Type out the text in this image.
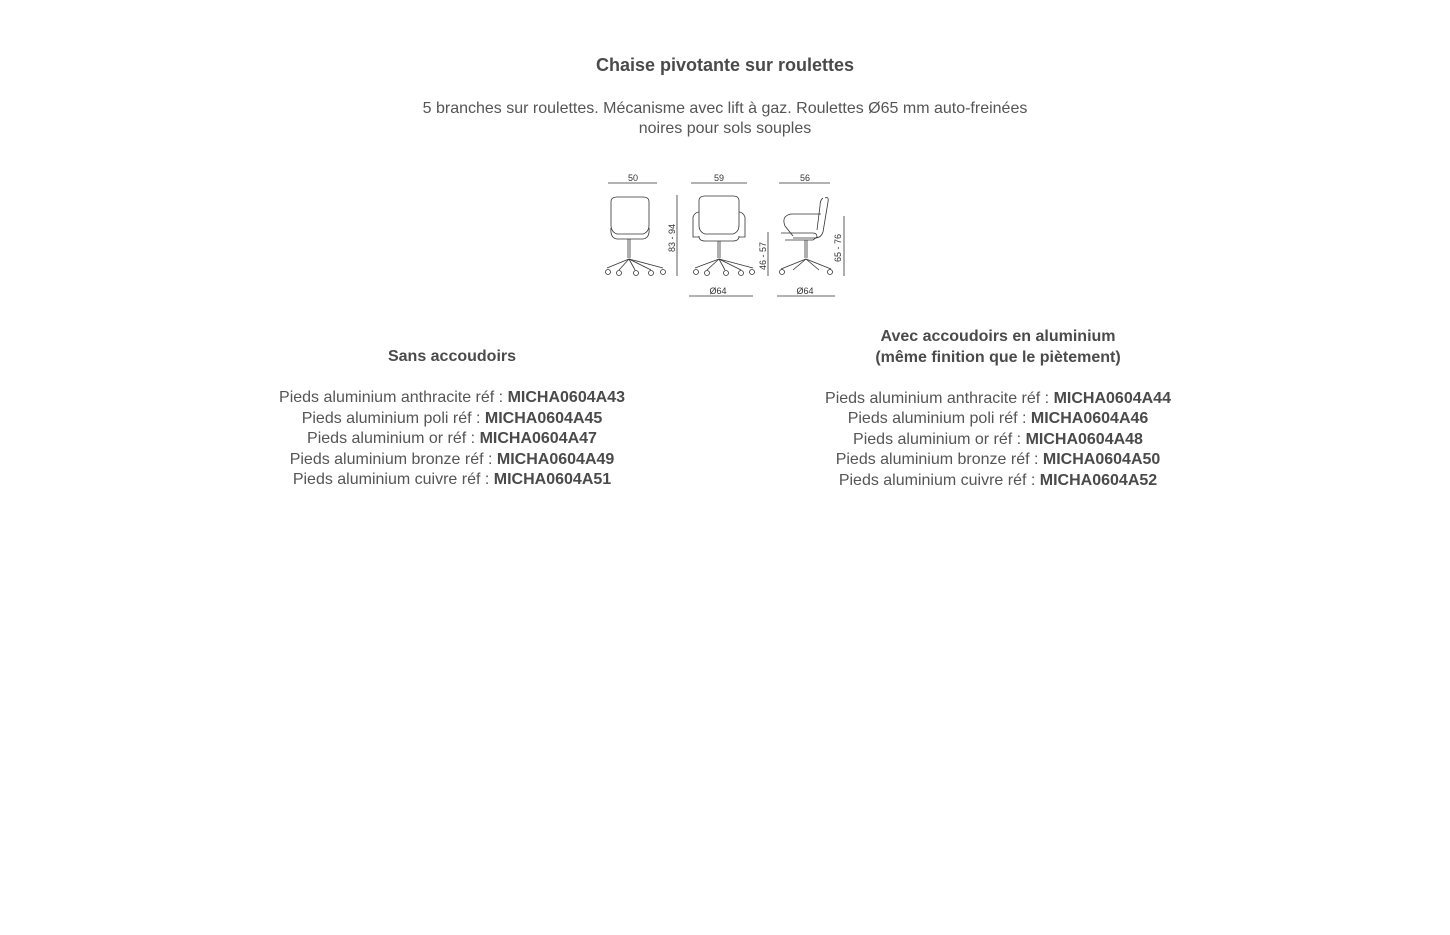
Chaise pivotante sur roulettes
5 branches sur roulettes. Mécanisme avec lift à gaz. Roulettes Ø65 mm auto-freinées noires pour sols souples
50
83 - 94
59
46 - 57
Ø64
56
65 - 76
Ø64
Sans accoudoirs
Pieds aluminium anthracite réf : MICHA0604A43
Pieds aluminium poli réf : MICHA0604A45
Pieds aluminium or réf : MICHA0604A47
Pieds aluminium bronze réf : MICHA0604A49
Pieds aluminium cuivre réf : MICHA0604A51
Avec accoudoirs en aluminium
(même finition que le piètement)
Pieds aluminium anthracite réf : MICHA0604A44
Pieds aluminium poli réf : MICHA0604A46
Pieds aluminium or réf : MICHA0604A48
Pieds aluminium bronze réf : MICHA0604A50
Pieds aluminium cuivre réf : MICHA0604A52
